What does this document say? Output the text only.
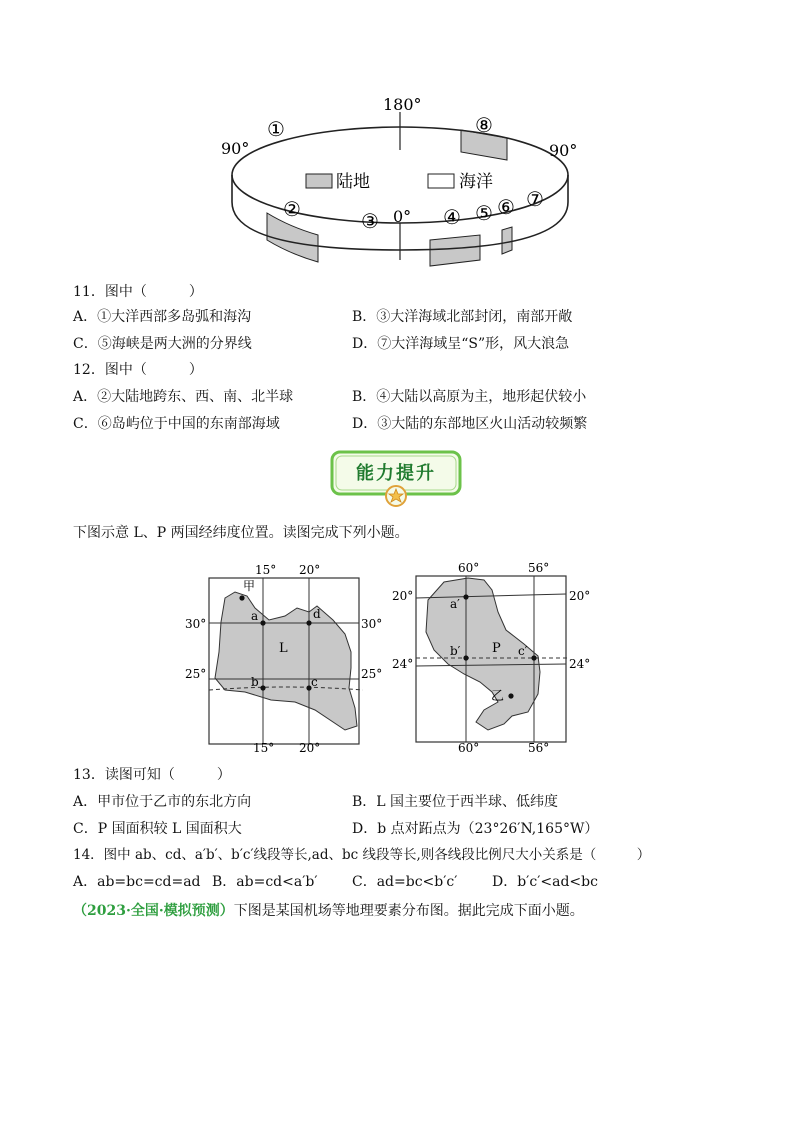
陆地	海洋
180°
90°	90°
0°
①
②	③	④ ⑤ ⑥ ⑦
⑧
11．图中（　　　）
A．①大洋西部多岛弧和海沟	B．③大洋海域北部封闭，南部开敞
C．⑤海峡是两大洲的分界线	D．⑦大洋海域呈“S”形，风大浪急
12．图中（　　　）
A．②大陆地跨东、西、南、北半球	B．④大陆以高原为主，地形起伏较小
C．⑥岛屿位于中国的东南部海域	D．③大陆的东部地区火山活动较频繁
能力提升
下图示意 L、P 两国经纬度位置。读图完成下列小题。
15° 20°
15° 20°
30°
25°
30°
25°
甲
a	d
b	c
L
60°	56°
60°	56°
20°
24°
20°
24°
a′
b′	c′
P
乙
13．读图可知（　　　）
A．甲市位于乙市的东北方向	B．L 国主要位于西半球、低纬度
C．P 国面积较 L 国面积大	D．b 点对跖点为（23°26′N,165°W）
14．图中 ab、cd、a′b′、b′c′线段等长,ad、bc 线段等长,则各线段比例尺大小关系是（　　　）
A．ab=bc=cd=ad B．ab=cd<a′b′ C．ad=bc<b′c′ D．b′c′<ad<bc
（2023·全国·模拟预测）下图是某国机场等地理要素分布图。据此完成下面小题。
